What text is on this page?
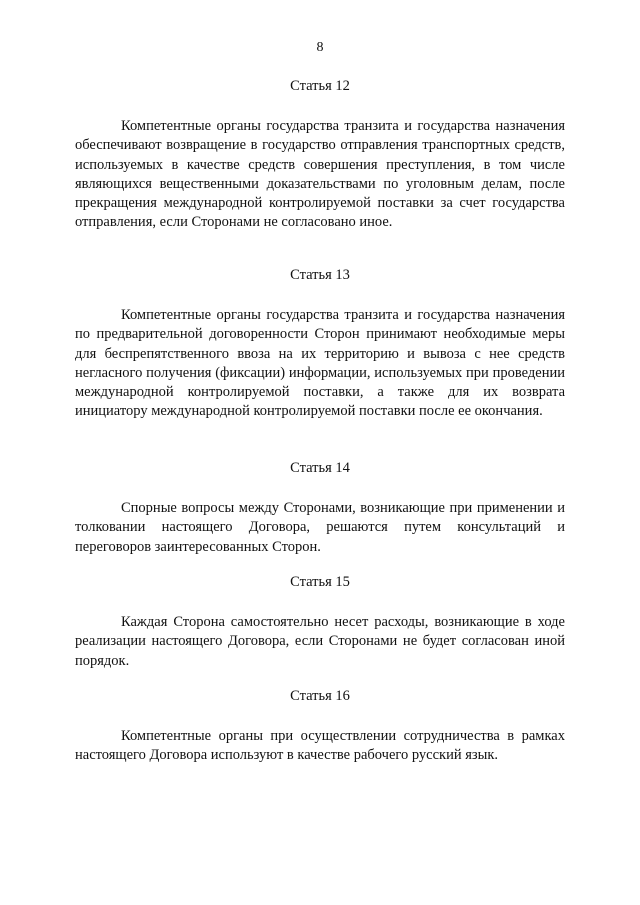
8
Статья 12

Компетентные органы государства транзита и государства назначения обеспечивают возвращение в государство отправления транспортных средств, используемых в качестве средств совершения преступления, в том числе являющихся вещественными доказательствами по уголовным делам, после прекращения международной контролируемой поставки за счет государства отправления, если Сторонами не согласовано иное.

Статья 13

Компетентные органы государства транзита и государства назначения по предварительной договоренности Сторон принимают необходимые меры для беспрепятственного ввоза на их территорию и вывоза с нее средств негласного получения (фиксации) информации, используемых при проведении международной контролируемой поставки, а также для их возврата инициатору международной контролируемой поставки после ее окончания.

Статья 14

Спорные вопросы между Сторонами, возникающие при применении и толковании настоящего Договора, решаются путем консультаций и переговоров заинтересованных Сторон.

Статья 15

Каждая Сторона самостоятельно несет расходы, возникающие в ходе реализации настоящего Договора, если Сторонами не будет согласован иной порядок.

Статья 16

Компетентные органы при осуществлении сотрудничества в рамках настоящего Договора используют в качестве рабочего русский язык.
